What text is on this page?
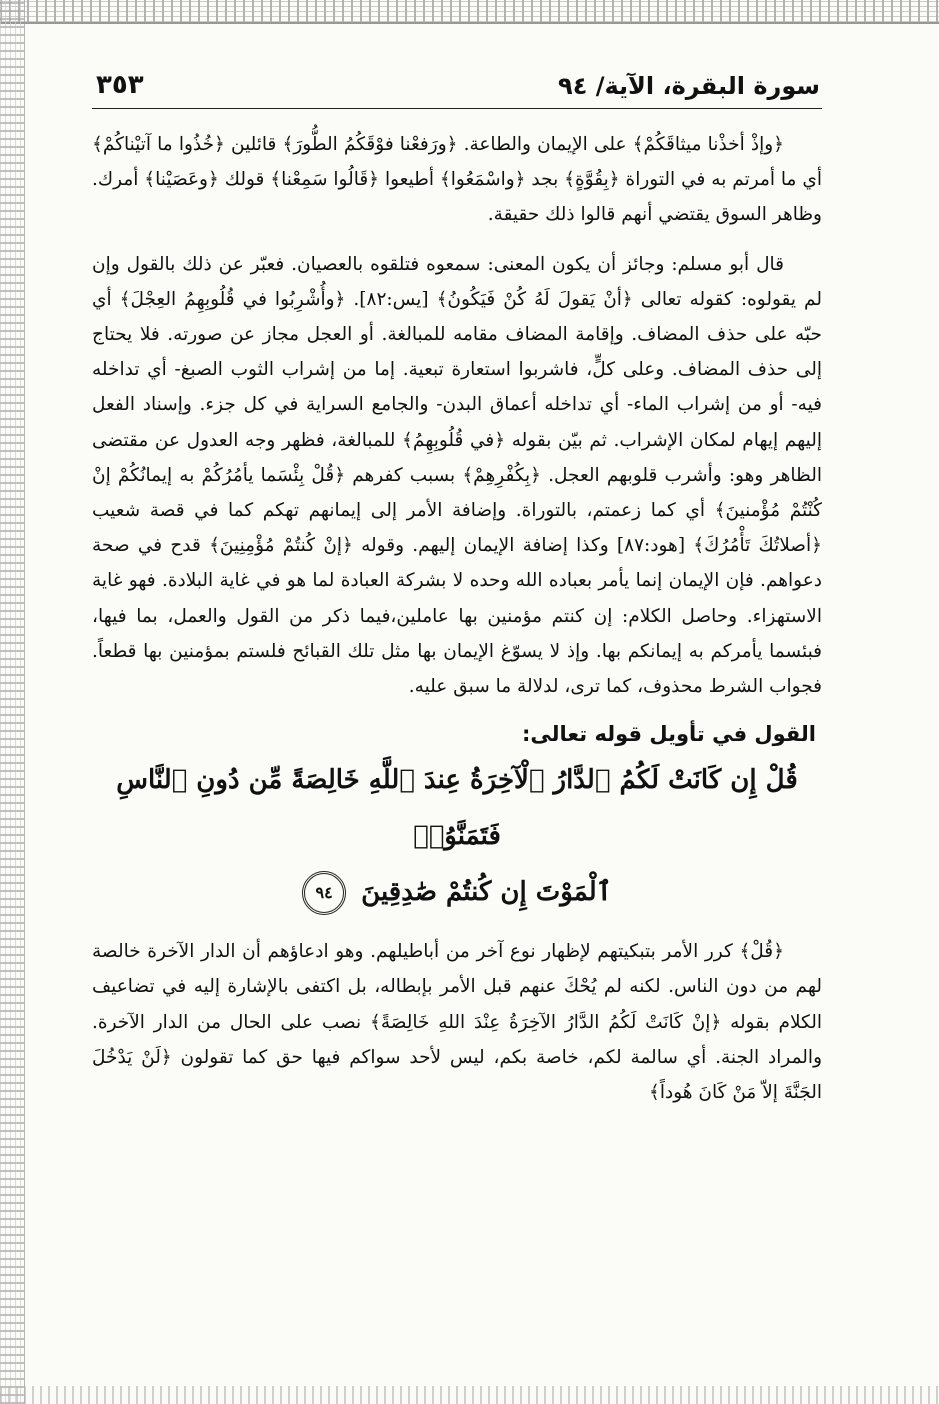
سورة البقرة، الآية/ ٩٤
٣٥٣

﴿وإذْ أخذْنا ميثاقَكُمْ﴾ على الإيمان والطاعة. ﴿ورَفعْنا فوْقَكُمُ الطُّورَ﴾ قائلين ﴿خُذُوا ما آتيْناكُمْ﴾ أي ما أمرتم به في التوراة ﴿بِقُوَّةٍ﴾ بجد ﴿واسْمَعُوا﴾ أطيعوا ﴿قَالُوا سَمِعْنا﴾ قولك ﴿وعَصَيْنا﴾ أمرك. وظاهر السوق يقتضي أنهم قالوا ذلك حقيقة.

قال أبو مسلم: وجائز أن يكون المعنى: سمعوه فتلقوه بالعصيان. فعبّر عن ذلك بالقول وإن لم يقولوه: كقوله تعالى ﴿أنْ يَقولَ لَهُ كُنْ فَيَكُونُ﴾ [يس:٨٢]. ﴿وأُشْرِبُوا في قُلُوبِهِمُ العِجْلَ﴾ أي حبّه على حذف المضاف. وإقامة المضاف مقامه للمبالغة. أو العجل مجاز عن صورته. فلا يحتاج إلى حذف المضاف. وعلى كلٍّ، فاشربوا استعارة تبعية. إما من إشراب الثوب الصبغ- أي تداخله فيه- أو من إشراب الماء- أي تداخله أعماق البدن- والجامع السراية في كل جزء. وإسناد الفعل إليهم إيهام لمكان الإشراب. ثم بيّن بقوله ﴿في قُلُوبِهِمُ﴾ للمبالغة، فظهر وجه العدول عن مقتضى الظاهر وهو: وأشرب قلوبهم العجل. ﴿بِكُفْرِهِمْ﴾ بسبب كفرهم ﴿قُلْ بِئْسَما يأمُرُكُمْ به إيمانُكُمْ إنْ كُنْتُمْ مُؤْمنينَ﴾ أي كما زعمتم، بالتوراة. وإضافة الأمر إلى إيمانهم تهكم كما في قصة شعيب ﴿أصلاتُكَ تَأْمُرُكَ﴾ [هود:٨٧] وكذا إضافة الإيمان إليهم. وقوله ﴿إنْ كُنتُمْ مُؤْمِنِينَ﴾ قدح في صحة دعواهم. فإن الإيمان إنما يأمر بعباده الله وحده لا بشركة العبادة لما هو في غاية البلادة. فهو غاية الاستهزاء. وحاصل الكلام: إن كنتم مؤمنين بها عاملين،فيما ذكر من القول والعمل، بما فيها، فبئسما يأمركم به إيمانكم بها. وإذ لا يسوّغ الإيمان بها مثل تلك القبائح فلستم بمؤمنين بها قطعاً. فجواب الشرط محذوف، كما ترى، لدلالة ما سبق عليه.

القول في تأويل قوله تعالى:
قُلْ إِن كَانَتْ لَكُمُ ٱلدَّارُ ٱلْآخِرَةُ عِندَ ٱللَّهِ خَالِصَةً مِّن دُونِ ٱلنَّاسِ فَتَمَنَّوُا۟
ٱلْمَوْتَ إِن كُنتُمْ صَٰدِقِينَ ٩٤

﴿قُلْ﴾ كرر الأمر بتبكيتهم لإظهار نوع آخر من أباطيلهم. وهو ادعاؤهم أن الدار الآخرة خالصة لهم من دون الناس. لكنه لم يُحْكَ عنهم قبل الأمر بإبطاله، بل اكتفى بالإشارة إليه في تضاعيف الكلام بقوله ﴿إنْ كَانَتْ لَكُمُ الدَّارُ الآخِرَةُ عِنْدَ اللهِ خَالِصَةً﴾ نصب على الحال من الدار الآخرة. والمراد الجنة. أي سالمة لكم، خاصة بكم، ليس لأحد سواكم فيها حق كما تقولون ﴿لَنْ يَدْخُلَ الجَنَّةَ إلاّ مَنْ كَانَ هُوداً﴾
